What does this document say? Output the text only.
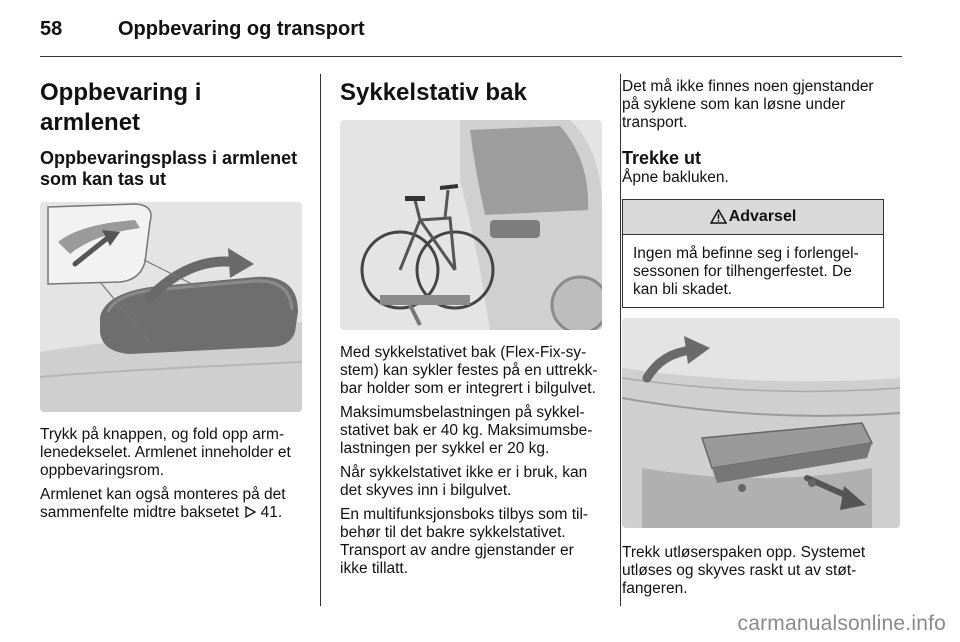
58	Oppbevaring og transport
Oppbevaring i armlenet
Oppbevaringsplass i armlenet
som kan tas ut

Trykk på knappen, og fold opp arm-
lenedekselet. Armlenet inneholder et
oppbevaringsrom.

Armlenet kan også monteres på det
sammenfelte midtre baksetet  41.

Sykkelstativ bak

Med sykkelstativet bak (Flex-Fix-sy-
stem) kan sykler festes på en uttrekk-
bar holder som er integrert i bilgulvet.

Maksimumsbelastningen på sykkel-
stativet bak er 40 kg. Maksimumsbe-
lastningen per sykkel er 20 kg.

Når sykkelstativet ikke er i bruk, kan
det skyves inn i bilgulvet.

En multifunksjonsboks tilbys som til-
behør til det bakre sykkelstativet.
Transport av andre gjenstander er
ikke tillatt.

Det må ikke finnes noen gjenstander
på syklene som kan løsne under
transport.

Trekke ut

Åpne bakluken.

Advarsel

Ingen må befinne seg i forlengel-
sessonen for tilhengerfestet. De
kan bli skadet.

Trekk utløserspaken opp. Systemet
utløses og skyves raskt ut av støt-
fangeren.

carmanualsonline.info
